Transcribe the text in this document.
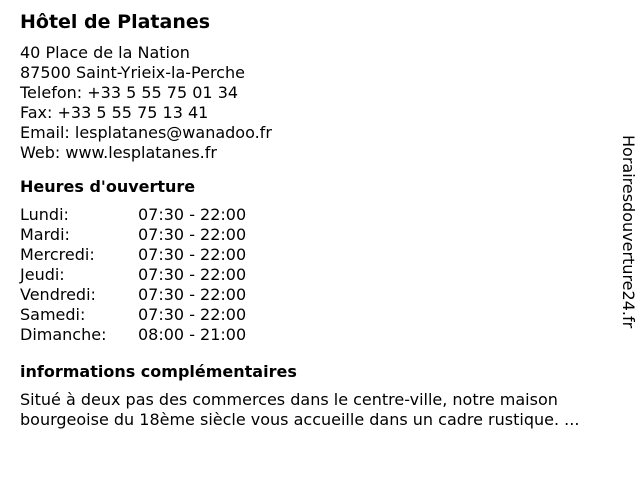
Hôtel de Platanes
40 Place de la Nation
87500 Saint-Yrieix-la-Perche
Telefon: +33 5 55 75 01 34
Fax: +33 5 55 75 13 41
Email: lesplatanes@wanadoo.fr
Web: www.lesplatanes.fr
Heures d'ouverture
Lundi:	07:30 - 22:00
Mardi:	07:30 - 22:00
Mercredi:	07:30 - 22:00
Jeudi:	07:30 - 22:00
Vendredi:	07:30 - 22:00
Samedi:	07:30 - 22:00
Dimanche:	08:00 - 21:00
informations complémentaires
Situé à deux pas des commerces dans le centre-ville, notre maison bourgeoise du 18ème siècle vous accueille dans un cadre rustique. ...
Horairesdouverture24.fr
